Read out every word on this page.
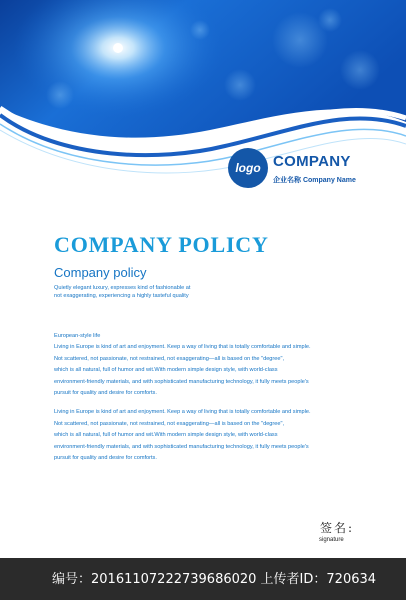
logo COMPANY
企业名称 Company Name
COMPANY POLICY
Company policy
Quietly elegant luxury, expresses kind of fashionable at
not exaggerating, experiencing a highly tasteful quality
European-style life
Living in Europe is kind of art and enjoyment. Keep a way of living that is totally comfortable and simple.
Not scattered, not passionate, not restrained, not exaggerating—all is based on the "degree",
which is all natural, full of humor and wit.With modern simple design style, with world-class
environment-friendly materials, and with sophisticated manufacturing technology, it fully meets people's
pursuit for quality and desire for comforts.
Living in Europe is kind of art and enjoyment. Keep a way of living that is totally comfortable and simple.
Not scattered, not passionate, not restrained, not exaggerating—all is based on the "degree",
which is all natural, full of humor and wit.With modern simple design style, with world-class
environment-friendly materials, and with sophisticated manufacturing technology, it fully meets people's
pursuit for quality and desire for comforts.
签名:
signature
编号：20161107222739686020 上传者ID：720634
